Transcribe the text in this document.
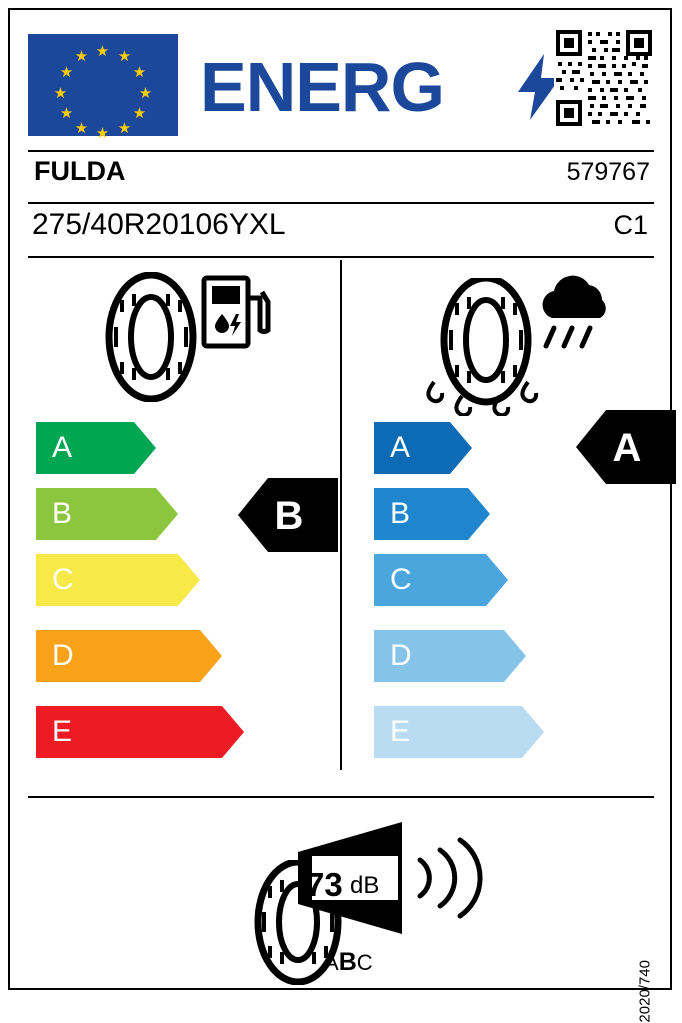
★ ★
★
★
★
★
★
★
★
★
★
★ ENERG
FULDA	579767
275/40R20106YXL	C1
A
B
C
D
E
B
A
B
C
D
E
A
73 dB
ABC	2020/740
